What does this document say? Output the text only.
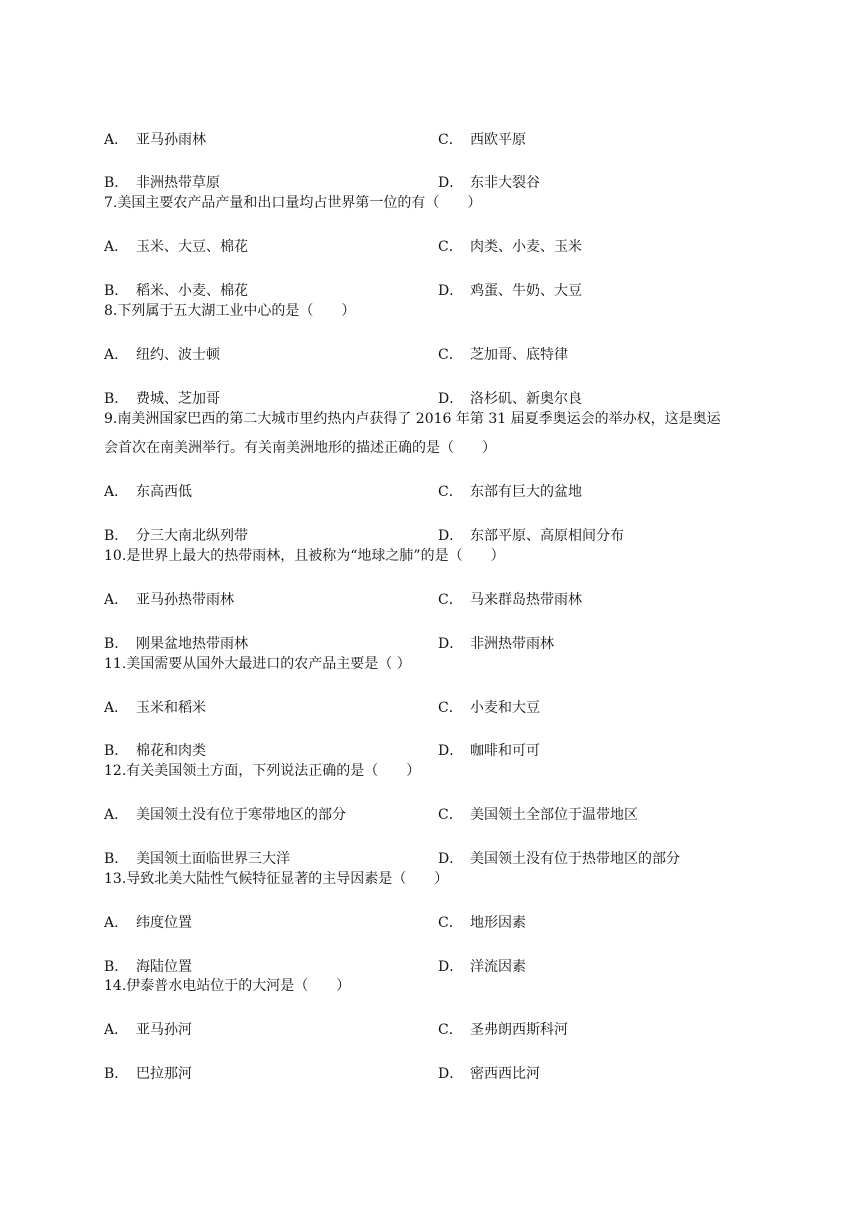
A． 亚马孙雨林	C． 西欧平原
B． 非洲热带草原	D． 东非大裂谷
7.美国主要农产品产量和出口量均占世界第一位的有（　　）
A． 玉米、大豆、棉花	C． 肉类、小麦、玉米
B． 稻米、小麦、棉花	D． 鸡蛋、牛奶、大豆
8.下列属于五大湖工业中心的是（　　）
A． 纽约、波士顿	C． 芝加哥、底特律
B． 费城、芝加哥	D． 洛杉矶、新奥尔良
9.南美洲国家巴西的第二大城市里约热内卢获得了 2016 年第 31 届夏季奥运会的举办权，这是奥运
会首次在南美洲举行。有关南美洲地形的描述正确的是（　　）
A． 东高西低	C． 东部有巨大的盆地
B． 分三大南北纵列带	D． 东部平原、高原相间分布
10.是世界上最大的热带雨林，且被称为“地球之肺”的是（　　）
A． 亚马孙热带雨林	C． 马来群岛热带雨林
B． 刚果盆地热带雨林	D． 非洲热带雨林
11.美国需要从国外大最进口的农产品主要是（ ）
A． 玉米和稻米	C． 小麦和大豆
B． 棉花和肉类	D． 咖啡和可可
12.有关美国领土方面，下列说法正确的是（　　）
A． 美国领土没有位于寒带地区的部分	C． 美国领土全部位于温带地区
B． 美国领土面临世界三大洋	D． 美国领土没有位于热带地区的部分
13.导致北美大陆性气候特征显著的主导因素是（　　）
A． 纬度位置	C． 地形因素
B． 海陆位置	D． 洋流因素
14.伊泰普水电站位于的大河是（　　）
A． 亚马孙河	C． 圣弗朗西斯科河
B． 巴拉那河	D． 密西西比河
